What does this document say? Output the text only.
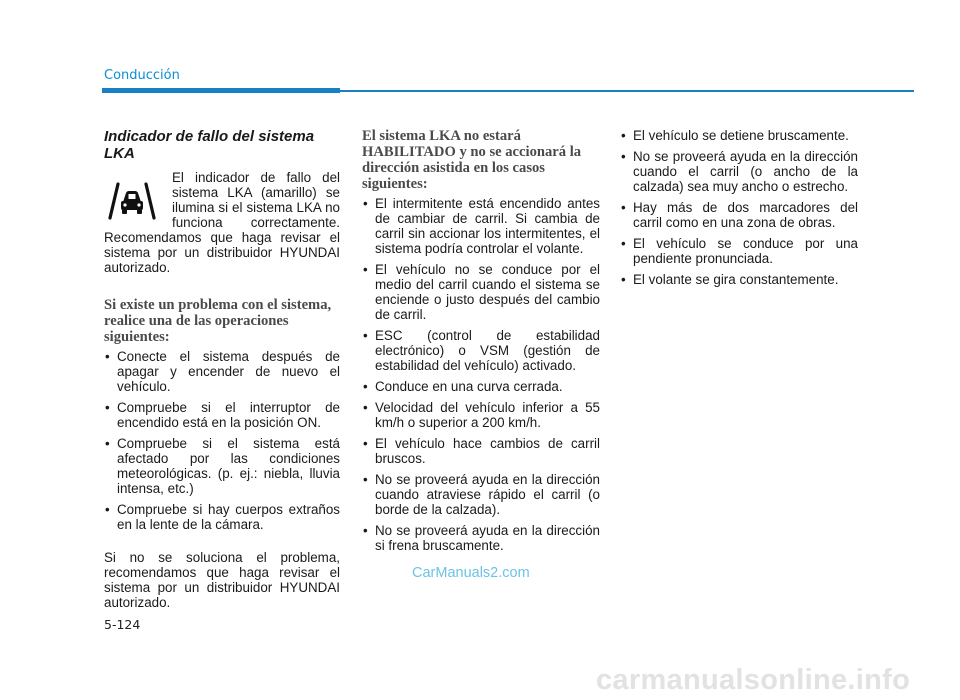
Conducción
Indicador de fallo del sistema LKA

El indicador de fallo del sistema LKA (amarillo) se ilumina si el sistema LKA no funciona correctamente. Recomendamos que haga revisar el sistema por un distribuidor HYUNDAI autorizado.

Si existe un problema con el sistema, realice una de las operaciones siguientes:
• Conecte el sistema después de apagar y encender de nuevo el vehículo.
• Compruebe si el interruptor de encendido está en la posición ON.
• Compruebe si el sistema está afectado por las condiciones meteorológicas. (p. ej.: niebla, lluvia intensa, etc.)
• Compruebe si hay cuerpos extraños en la lente de la cámara.

Si no se soluciona el problema, recomendamos que haga revisar el sistema por un distribuidor HYUNDAI autorizado.

El sistema LKA no estará HABILITADO y no se accionará la dirección asistida en los casos siguientes:
• El intermitente está encendido antes de cambiar de carril. Si cambia de carril sin accionar los intermitentes, el sistema podría controlar el volante.
• El vehículo no se conduce por el medio del carril cuando el sistema se enciende o justo después del cambio de carril.
• ESC (control de estabilidad electrónico) o VSM (gestión de estabilidad del vehículo) activado.
• Conduce en una curva cerrada.
• Velocidad del vehículo inferior a 55 km/h o superior a 200 km/h.
• El vehículo hace cambios de carril bruscos.
• No se proveerá ayuda en la dirección cuando atraviese rápido el carril (o borde de la calzada).
• No se proveerá ayuda en la dirección si frena bruscamente.
• El vehículo se detiene bruscamente.
• No se proveerá ayuda en la dirección cuando el carril (o ancho de la calzada) sea muy ancho o estrecho.
• Hay más de dos marcadores del carril como en una zona de obras.
• El vehículo se conduce por una pendiente pronunciada.
• El volante se gira constantemente.
CarManuals2.com
5-124
carmanualsonline.info
